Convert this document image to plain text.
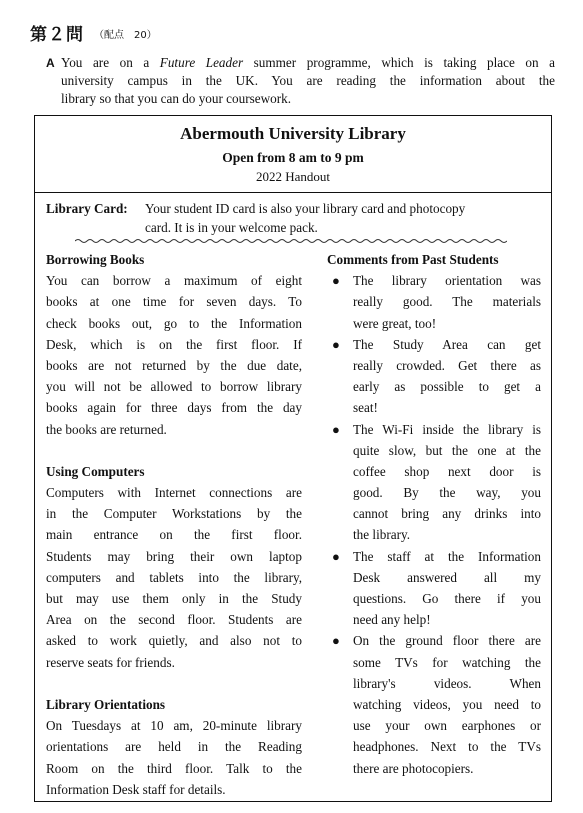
第２問 （配点　20）
A You are on a Future Leader summer programme, which is taking place on a
university campus in the UK. You are reading the information about the
library so that you can do your coursework.
Abermouth University Library
Open from 8 am to 9 pm
2022 Handout
Library Card: Your student ID card is also your library card and photocopy
card. It is in your welcome pack.
Borrowing Books
You can borrow a maximum of eight
books at one time for seven days. To
check books out, go to the Information
Desk, which is on the first floor. If
books are not returned by the due date,
you will not be allowed to borrow library
books again for three days from the day
the books are returned.
Using Computers
Computers with Internet connections are
in the Computer Workstations by the
main entrance on the first floor.
Students may bring their own laptop
computers and tablets into the library,
but may use them only in the Study
Area on the second floor. Students are
asked to work quietly, and also not to
reserve seats for friends.
Library Orientations
On Tuesdays at 10 am, 20-minute library
orientations are held in the Reading
Room on the third floor. Talk to the
Information Desk staff for details.
Comments from Past Students
● The library orientation was
really good. The materials
were great, too!
● The Study Area can get
really crowded. Get there as
early as possible to get a
seat!
● The Wi-Fi inside the library is
quite slow, but the one at the
coffee shop next door is
good. By the way, you
cannot bring any drinks into
the library.
● The staff at the Information
Desk answered all my
questions. Go there if you
need any help!
● On the ground floor there are
some TVs for watching the
library's videos. When
watching videos, you need to
use your own earphones or
headphones. Next to the TVs
there are photocopiers.
